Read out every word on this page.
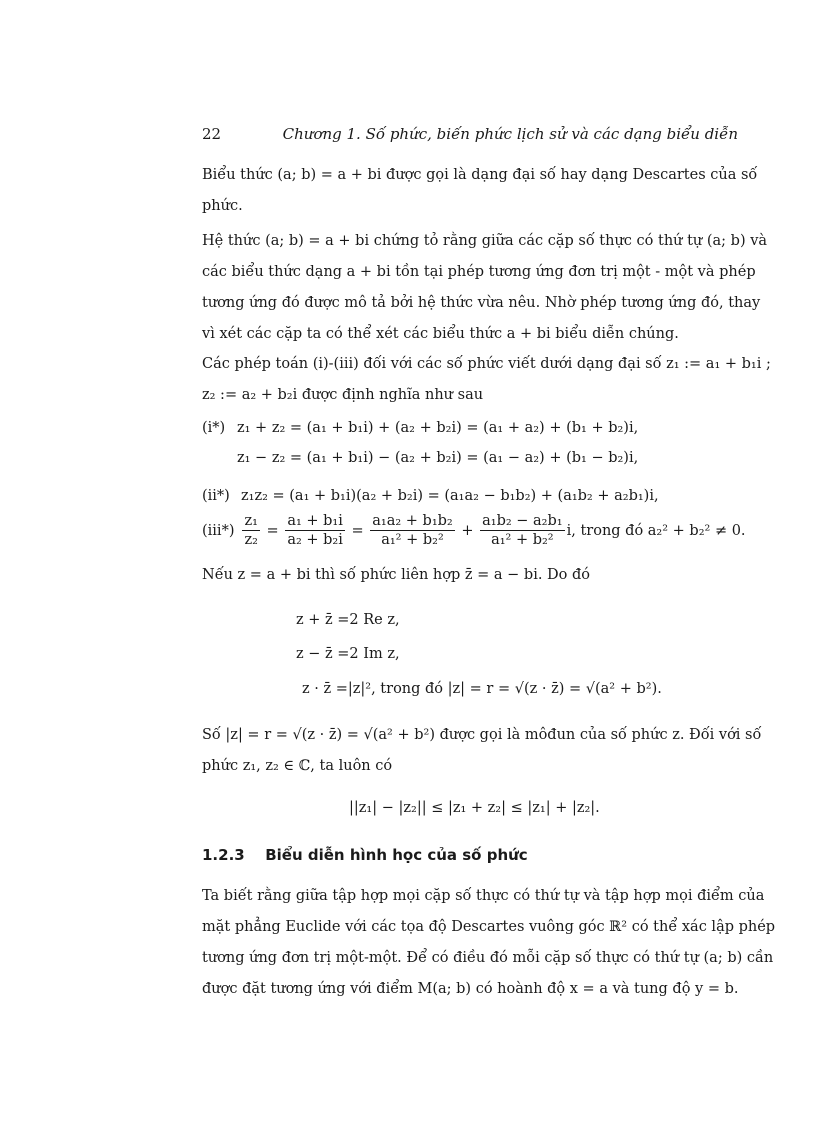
22	Chương 1. Số phức, biến phức lịch sử và các dạng biểu diễn
Biểu thức (a; b) = a + bi được gọi là dạng đại số hay dạng Descartes của số
phức.
Hệ thức (a; b) = a + bi chứng tỏ rằng giữa các cặp số thực có thứ tự (a; b) và
các biểu thức dạng a + bi tồn tại phép tương ứng đơn trị một - một và phép
tương ứng đó được mô tả bởi hệ thức vừa nêu. Nhờ phép tương ứng đó, thay
vì xét các cặp ta có thể xét các biểu thức a + bi biểu diễn chúng.
Các phép toán (i)-(iii) đối với các số phức viết dưới dạng đại số z₁ := a₁ + b₁i ;
z₂ := a₂ + b₂i được định nghĩa như sau
(i*) z₁ + z₂ = (a₁ + b₁i) + (a₂ + b₂i) = (a₁ + a₂) + (b₁ + b₂)i,
z₁ − z₂ = (a₁ + b₁i) − (a₂ + b₂i) = (a₁ − a₂) + (b₁ − b₂)i,
(ii*) z₁z₂ = (a₁ + b₁i)(a₂ + b₂i) = (a₁a₂ − b₁b₂) + (a₁b₂ + a₂b₁)i,
$(iii*) \frac{\text{z₁}}{\text{z₂}} = \frac{\text{a₁ + b₁i}}{\text{a₂ + b₂i}} = \frac{\text{a₁a₂ + b₁b₂}}{\text{a₁² + b₂²}} + \frac{\text{a₁b₂ − a₂b₁}}{\text{a₁² + b₂²}} i$, trong đó a₂² + b₂² ≠ 0.
Nếu z = a + bi thì số phức liên hợp z̄ = a − bi. Do đó
z + z̄ =2 Re z,
z − z̄ =2 Im z,
z · z̄ =|z|², trong đó |z| = r = √(z · z̄) = √(a² + b²).
Số |z| = r = √(z · z̄) = √(a² + b²) được gọi là môđun của số phức z. Đối với số
phức z₁, z₂ ∈ ℂ, ta luôn có
||z₁| − |z₂|| ≤ |z₁ + z₂| ≤ |z₁| + |z₂|.
1.2.3 Biểu diễn hình học của số phức
Ta biết rằng giữa tập hợp mọi cặp số thực có thứ tự và tập hợp mọi điểm của
mặt phẳng Euclide với các tọa độ Descartes vuông góc ℝ² có thể xác lập phép
tương ứng đơn trị một-một. Để có điều đó mỗi cặp số thực có thứ tự (a; b) cần
được đặt tương ứng với điểm M(a; b) có hoành độ x = a và tung độ y = b.
